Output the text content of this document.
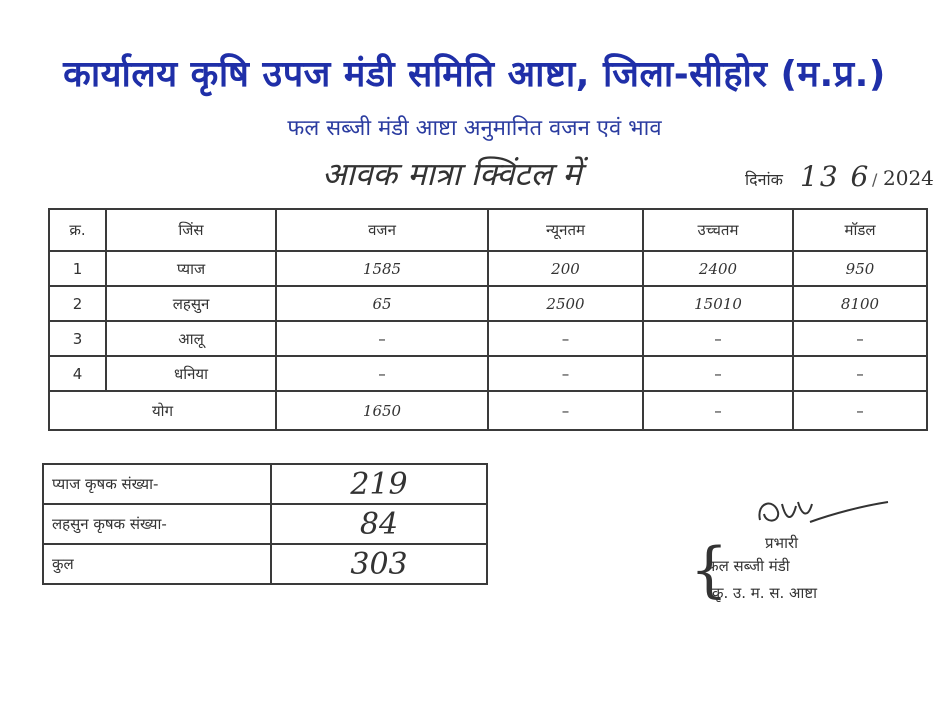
कार्यालय कृषि उपज मंडी समिति आष्टा, जिला-सीहोर (म.प्र.)
फल सब्जी मंडी आष्टा अनुमानित वजन एवं भाव
आवक मात्रा क्विंटल में	दिनांक 13 6 / 2024
क्र.	जिंस	वजन	न्यूनतम	उच्चतम	मॉडल
1	प्याज	1585	200	2400	950
2	लहसुन	65	2500	15010	8100
3	आलू	–	–	–	–
4	धनिया	–	–	–	–
योग		1650	–	–	–
प्याज कृषक संख्या-	219
लहसुन कृषक संख्या-	84
कुल	303	{ प्रभारी
फल सब्जी मंडी
कृ. उ. म. स. आष्टा
